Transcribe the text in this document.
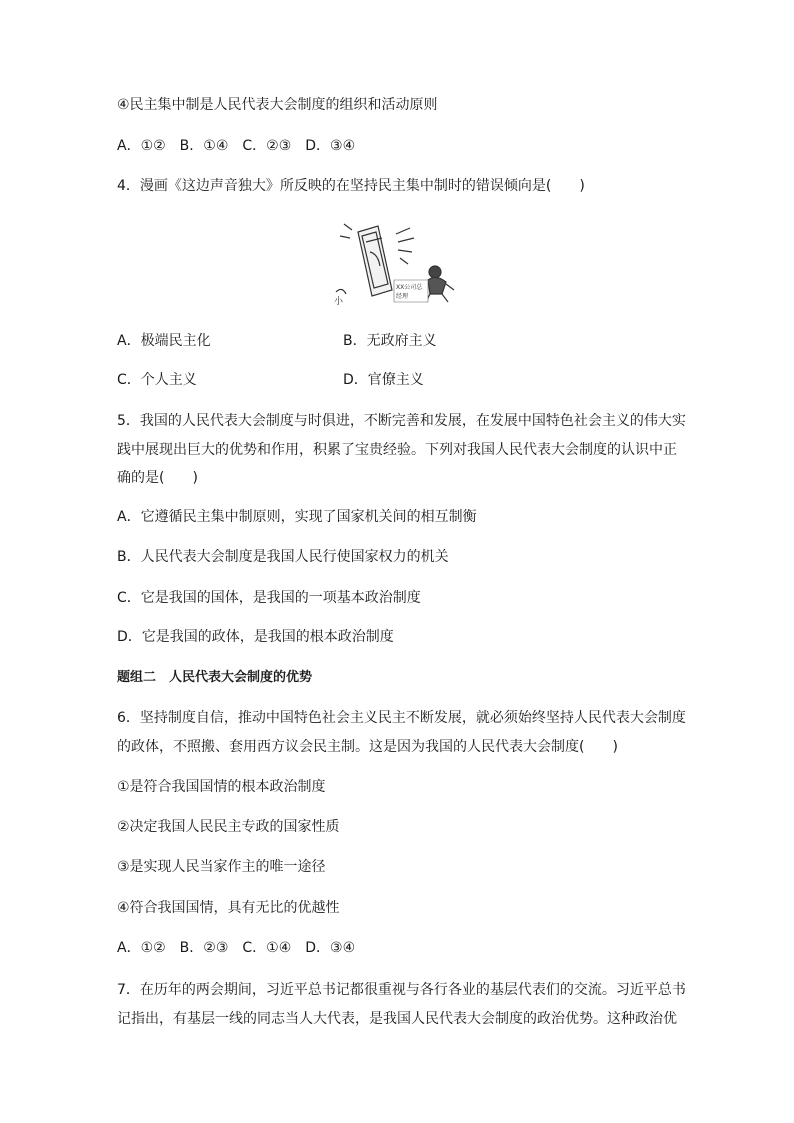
④民主集中制是人民代表大会制度的组织和活动原则
A．①②　B．①④　C．②③　D．③④
4．漫画《这边声音独大》所反映的在坚持民主集中制时的错误倾向是(　　)
小
XX公司总
经理
A．极端民主化	B．无政府主义
C．个人主义	D．官僚主义
5．我国的人民代表大会制度与时俱进，不断完善和发展，在发展中国特色社会主义的伟大实
践中展现出巨大的优势和作用，积累了宝贵经验。下列对我国人民代表大会制度的认识中正
确的是(　　)
A．它遵循民主集中制原则，实现了国家机关间的相互制衡
B．人民代表大会制度是我国人民行使国家权力的机关
C．它是我国的国体，是我国的一项基本政治制度
D．它是我国的政体，是我国的根本政治制度
题组二　人民代表大会制度的优势
6．坚持制度自信，推动中国特色社会主义民主不断发展，就必须始终坚持人民代表大会制度
的政体，不照搬、套用西方议会民主制。这是因为我国的人民代表大会制度(　　)
①是符合我国国情的根本政治制度
②决定我国人民民主专政的国家性质
③是实现人民当家作主的唯一途径
④符合我国国情，具有无比的优越性
A．①②　B．②③　C．①④　D．③④
7．在历年的两会期间，习近平总书记都很重视与各行各业的基层代表们的交流。习近平总书
记指出，有基层一线的同志当人大代表，是我国人民代表大会制度的政治优势。这种政治优
